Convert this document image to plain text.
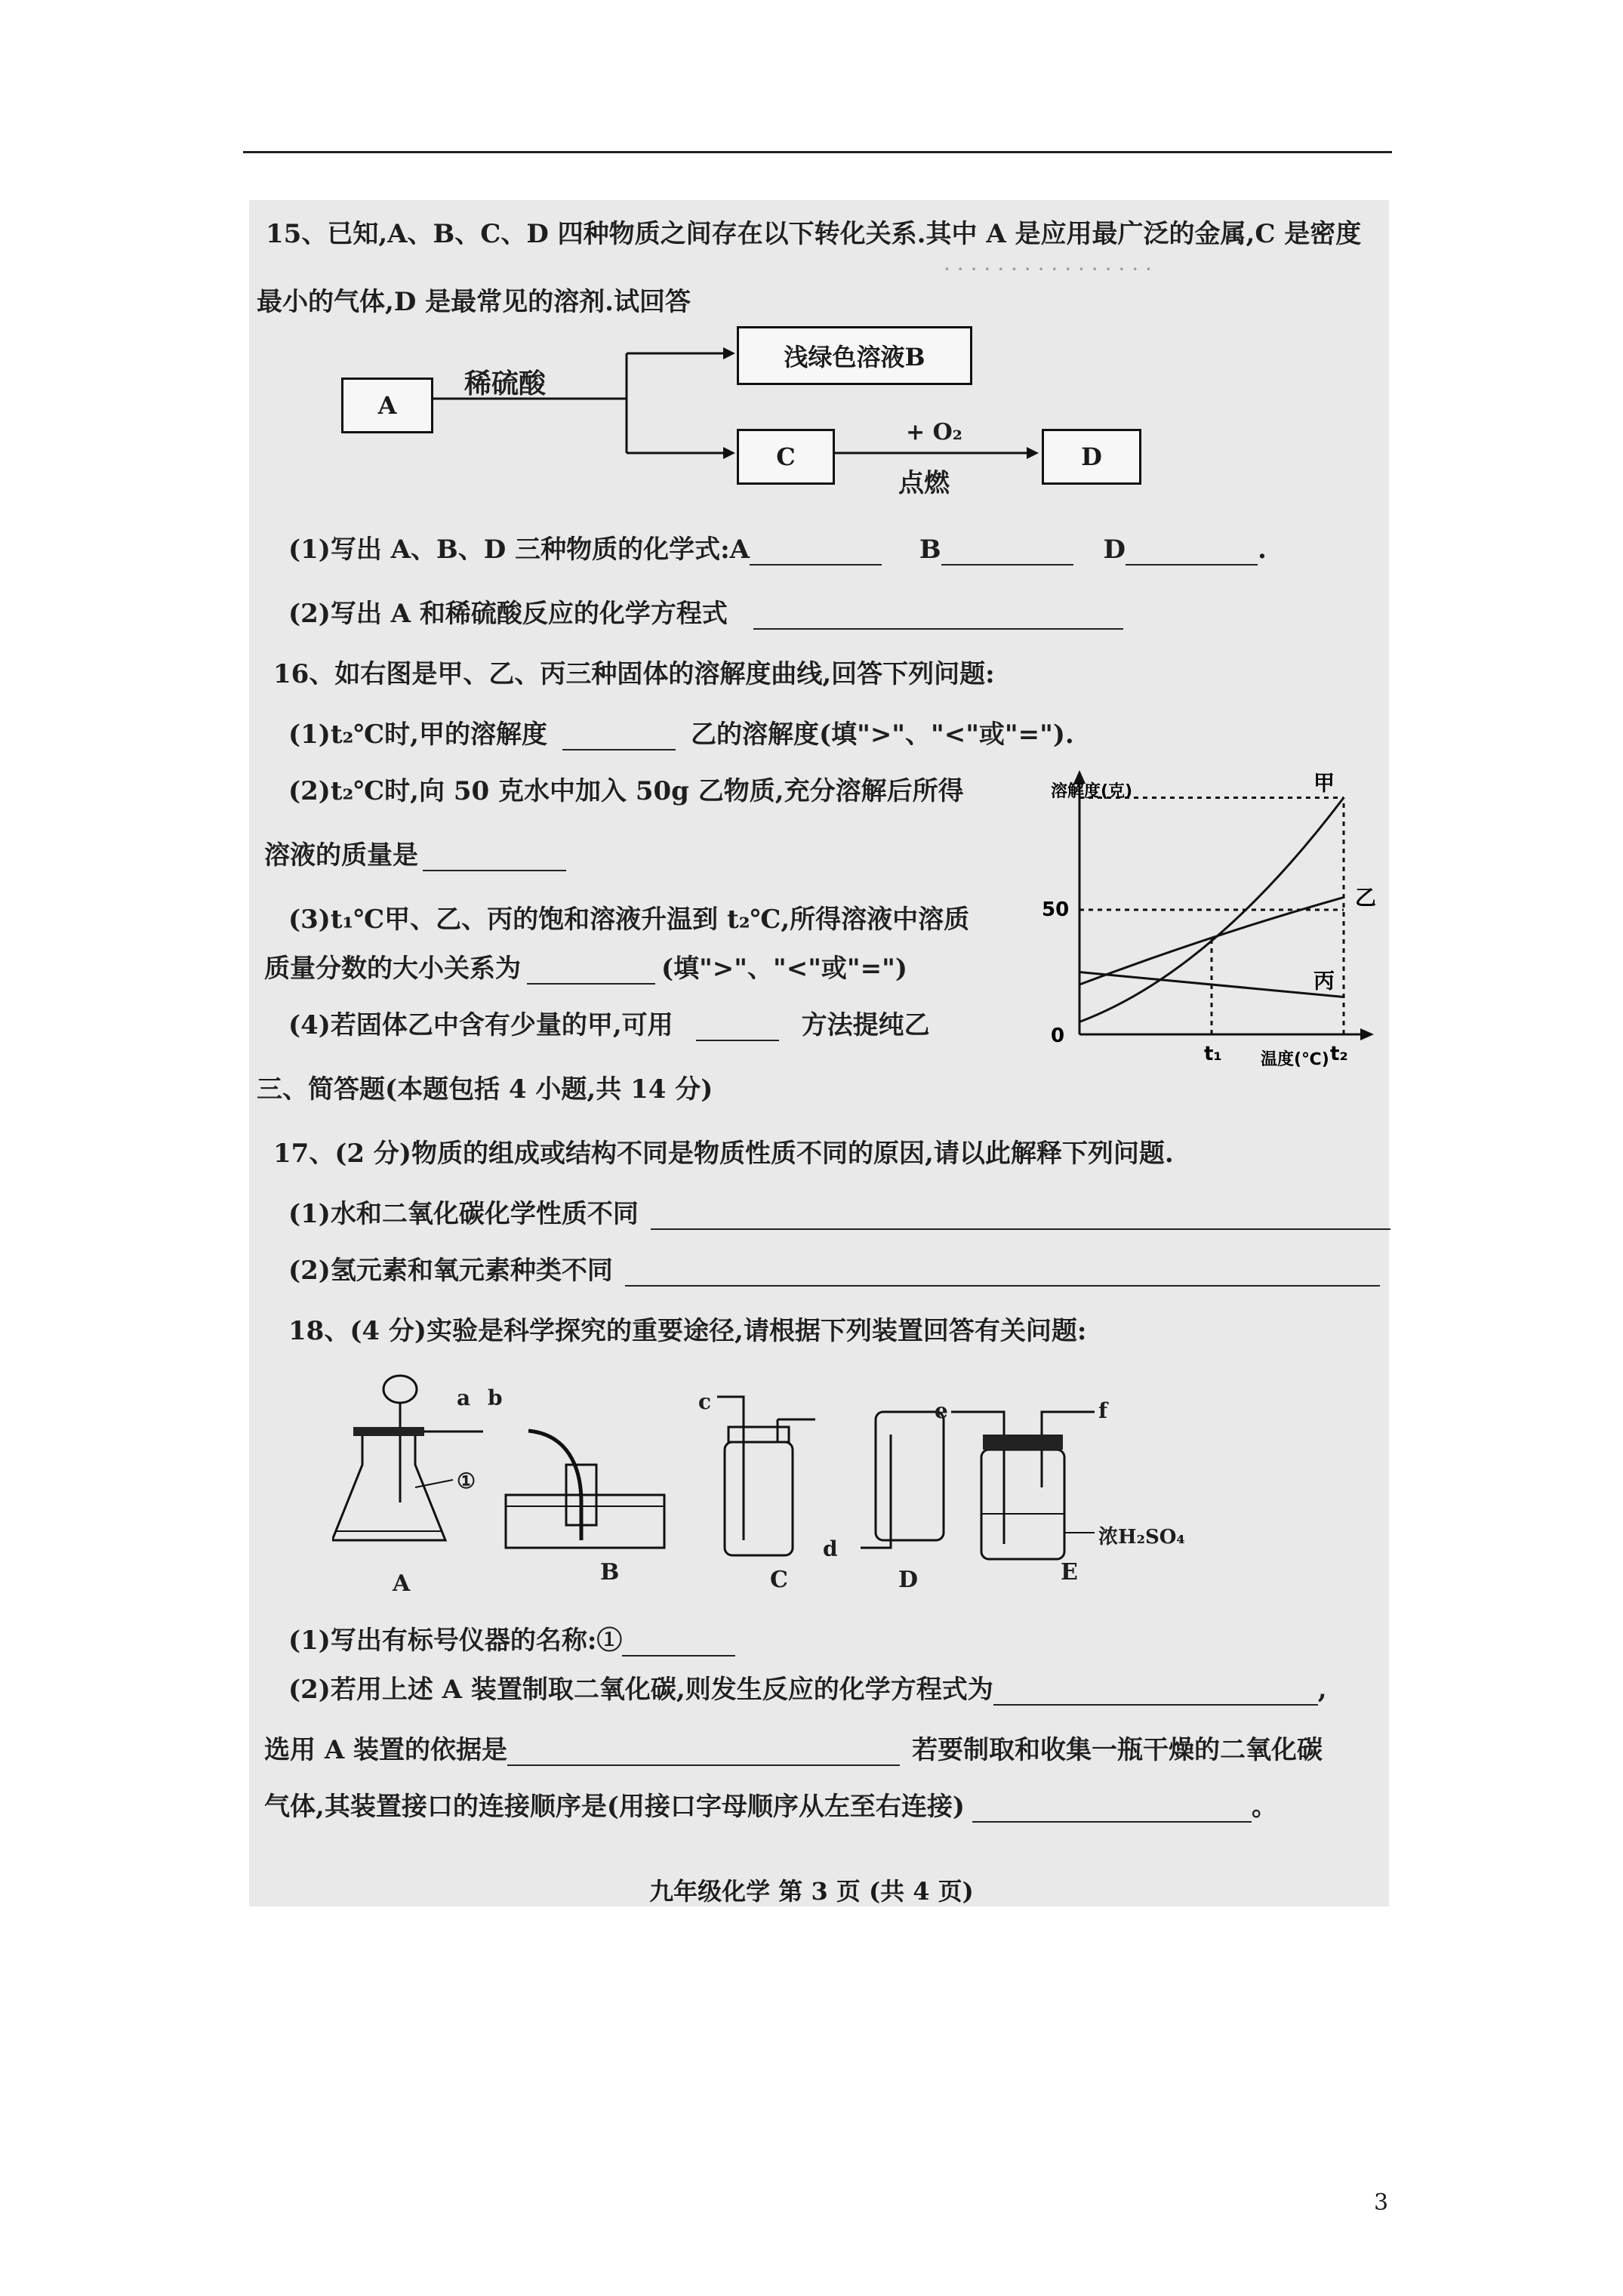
· · · · · · · · · · · · · · · ·
15、已知,A、B、C、D 四种物质之间存在以下转化关系.其中 A 是应用最广泛的金属,C 是密度
最小的气体,D 是最常见的溶剂.试回答
A
浅绿色溶液B
C	D
稀硫酸
+ O₂
点燃
(1)写出 A、B、D 三种物质的化学式:A	B	D	.
(2)写出 A 和稀硫酸反应的化学方程式
16、如右图是甲、乙、丙三种固体的溶解度曲线,回答下列问题:
(1)t₂℃时,甲的溶解度	乙的溶解度(填">"、"<"或"=").
(2)t₂℃时,向 50 克水中加入 50g 乙物质,充分溶解后所得
溶液的质量是
(3)t₁℃甲、乙、丙的饱和溶液升温到 t₂℃,所得溶液中溶质
质量分数的大小关系为	(填">"、"<"或"=")
(4)若固体乙中含有少量的甲,可用	方法提纯乙
溶解度(克)
温度(℃)
甲
乙
丙
0
50
t₁	t₂
三、简答题(本题包括 4 小题,共 14 分)
17、(2 分)物质的组成或结构不同是物质性质不同的原因,请以此解释下列问题.
(1)水和二氧化碳化学性质不同
(2)氢元素和氧元素种类不同
18、(4 分)实验是科学探究的重要途径,请根据下列装置回答有关问题:
a b	c
d
e	f
①
浓H₂SO₄
A	B	C	D	E
(1)写出有标号仪器的名称:①
(2)若用上述 A 装置制取二氧化碳,则发生反应的化学方程式为	,
选用 A 装置的依据是	若要制取和收集一瓶干燥的二氧化碳
气体,其装置接口的连接顺序是(用接口字母顺序从左至右连接)	。
九年级化学 第 3 页 (共 4 页)
3
